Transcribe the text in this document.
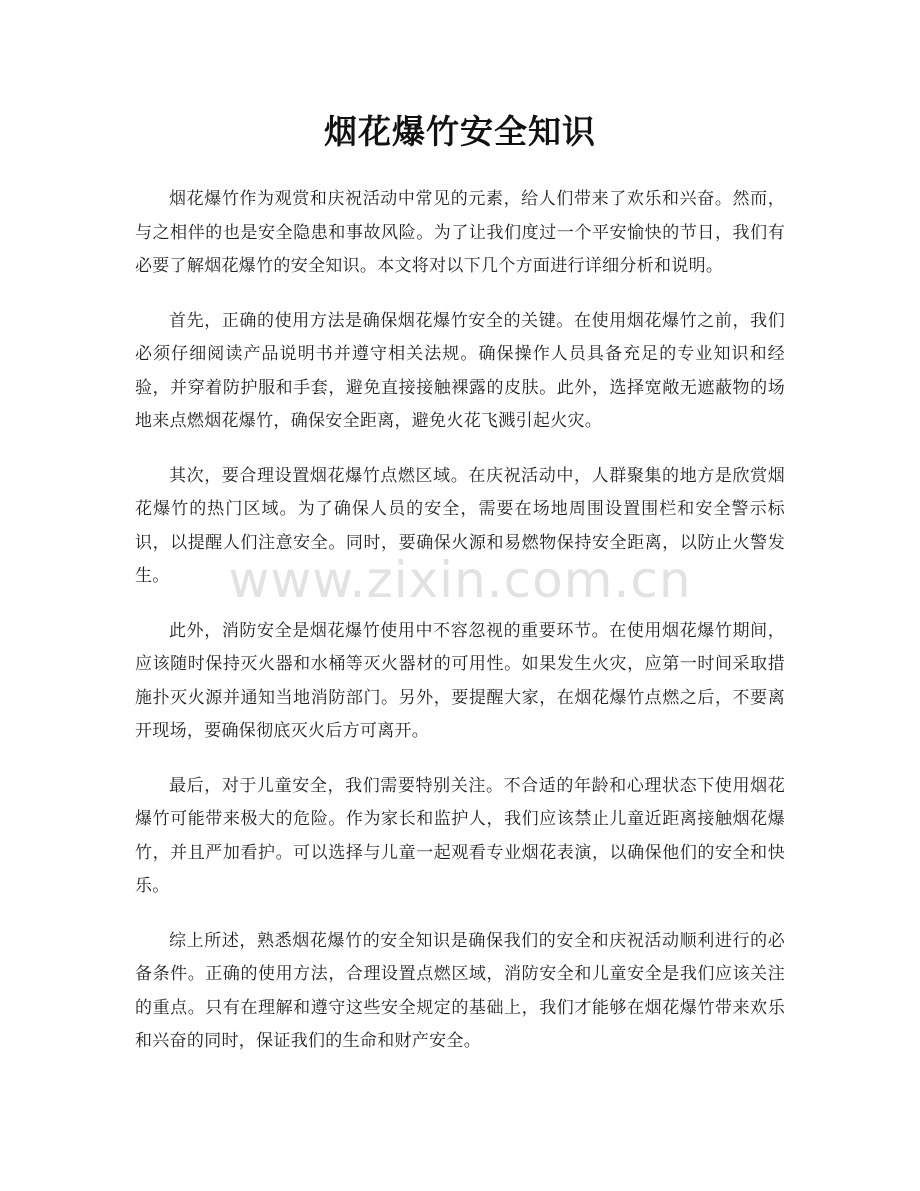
烟花爆竹安全知识
www.zixin.com.cn

烟花爆竹作为观赏和庆祝活动中常见的元素，给人们带来了欢乐和兴奋。然而，与之相伴的也是安全隐患和事故风险。为了让我们度过一个平安愉快的节日，我们有必要了解烟花爆竹的安全知识。本文将对以下几个方面进行详细分析和说明。

首先，正确的使用方法是确保烟花爆竹安全的关键。在使用烟花爆竹之前，我们必须仔细阅读产品说明书并遵守相关法规。确保操作人员具备充足的专业知识和经验，并穿着防护服和手套，避免直接接触裸露的皮肤。此外，选择宽敞无遮蔽物的场地来点燃烟花爆竹，确保安全距离，避免火花飞溅引起火灾。

其次，要合理设置烟花爆竹点燃区域。在庆祝活动中，人群聚集的地方是欣赏烟花爆竹的热门区域。为了确保人员的安全，需要在场地周围设置围栏和安全警示标识，以提醒人们注意安全。同时，要确保火源和易燃物保持安全距离，以防止火警发生。

此外，消防安全是烟花爆竹使用中不容忽视的重要环节。在使用烟花爆竹期间，应该随时保持灭火器和水桶等灭火器材的可用性。如果发生火灾，应第一时间采取措施扑灭火源并通知当地消防部门。另外，要提醒大家，在烟花爆竹点燃之后，不要离开现场，要确保彻底灭火后方可离开。

最后，对于儿童安全，我们需要特别关注。不合适的年龄和心理状态下使用烟花爆竹可能带来极大的危险。作为家长和监护人，我们应该禁止儿童近距离接触烟花爆竹，并且严加看护。可以选择与儿童一起观看专业烟花表演，以确保他们的安全和快乐。

综上所述，熟悉烟花爆竹的安全知识是确保我们的安全和庆祝活动顺利进行的必备条件。正确的使用方法，合理设置点燃区域，消防安全和儿童安全是我们应该关注的重点。只有在理解和遵守这些安全规定的基础上，我们才能够在烟花爆竹带来欢乐和兴奋的同时，保证我们的生命和财产安全。
